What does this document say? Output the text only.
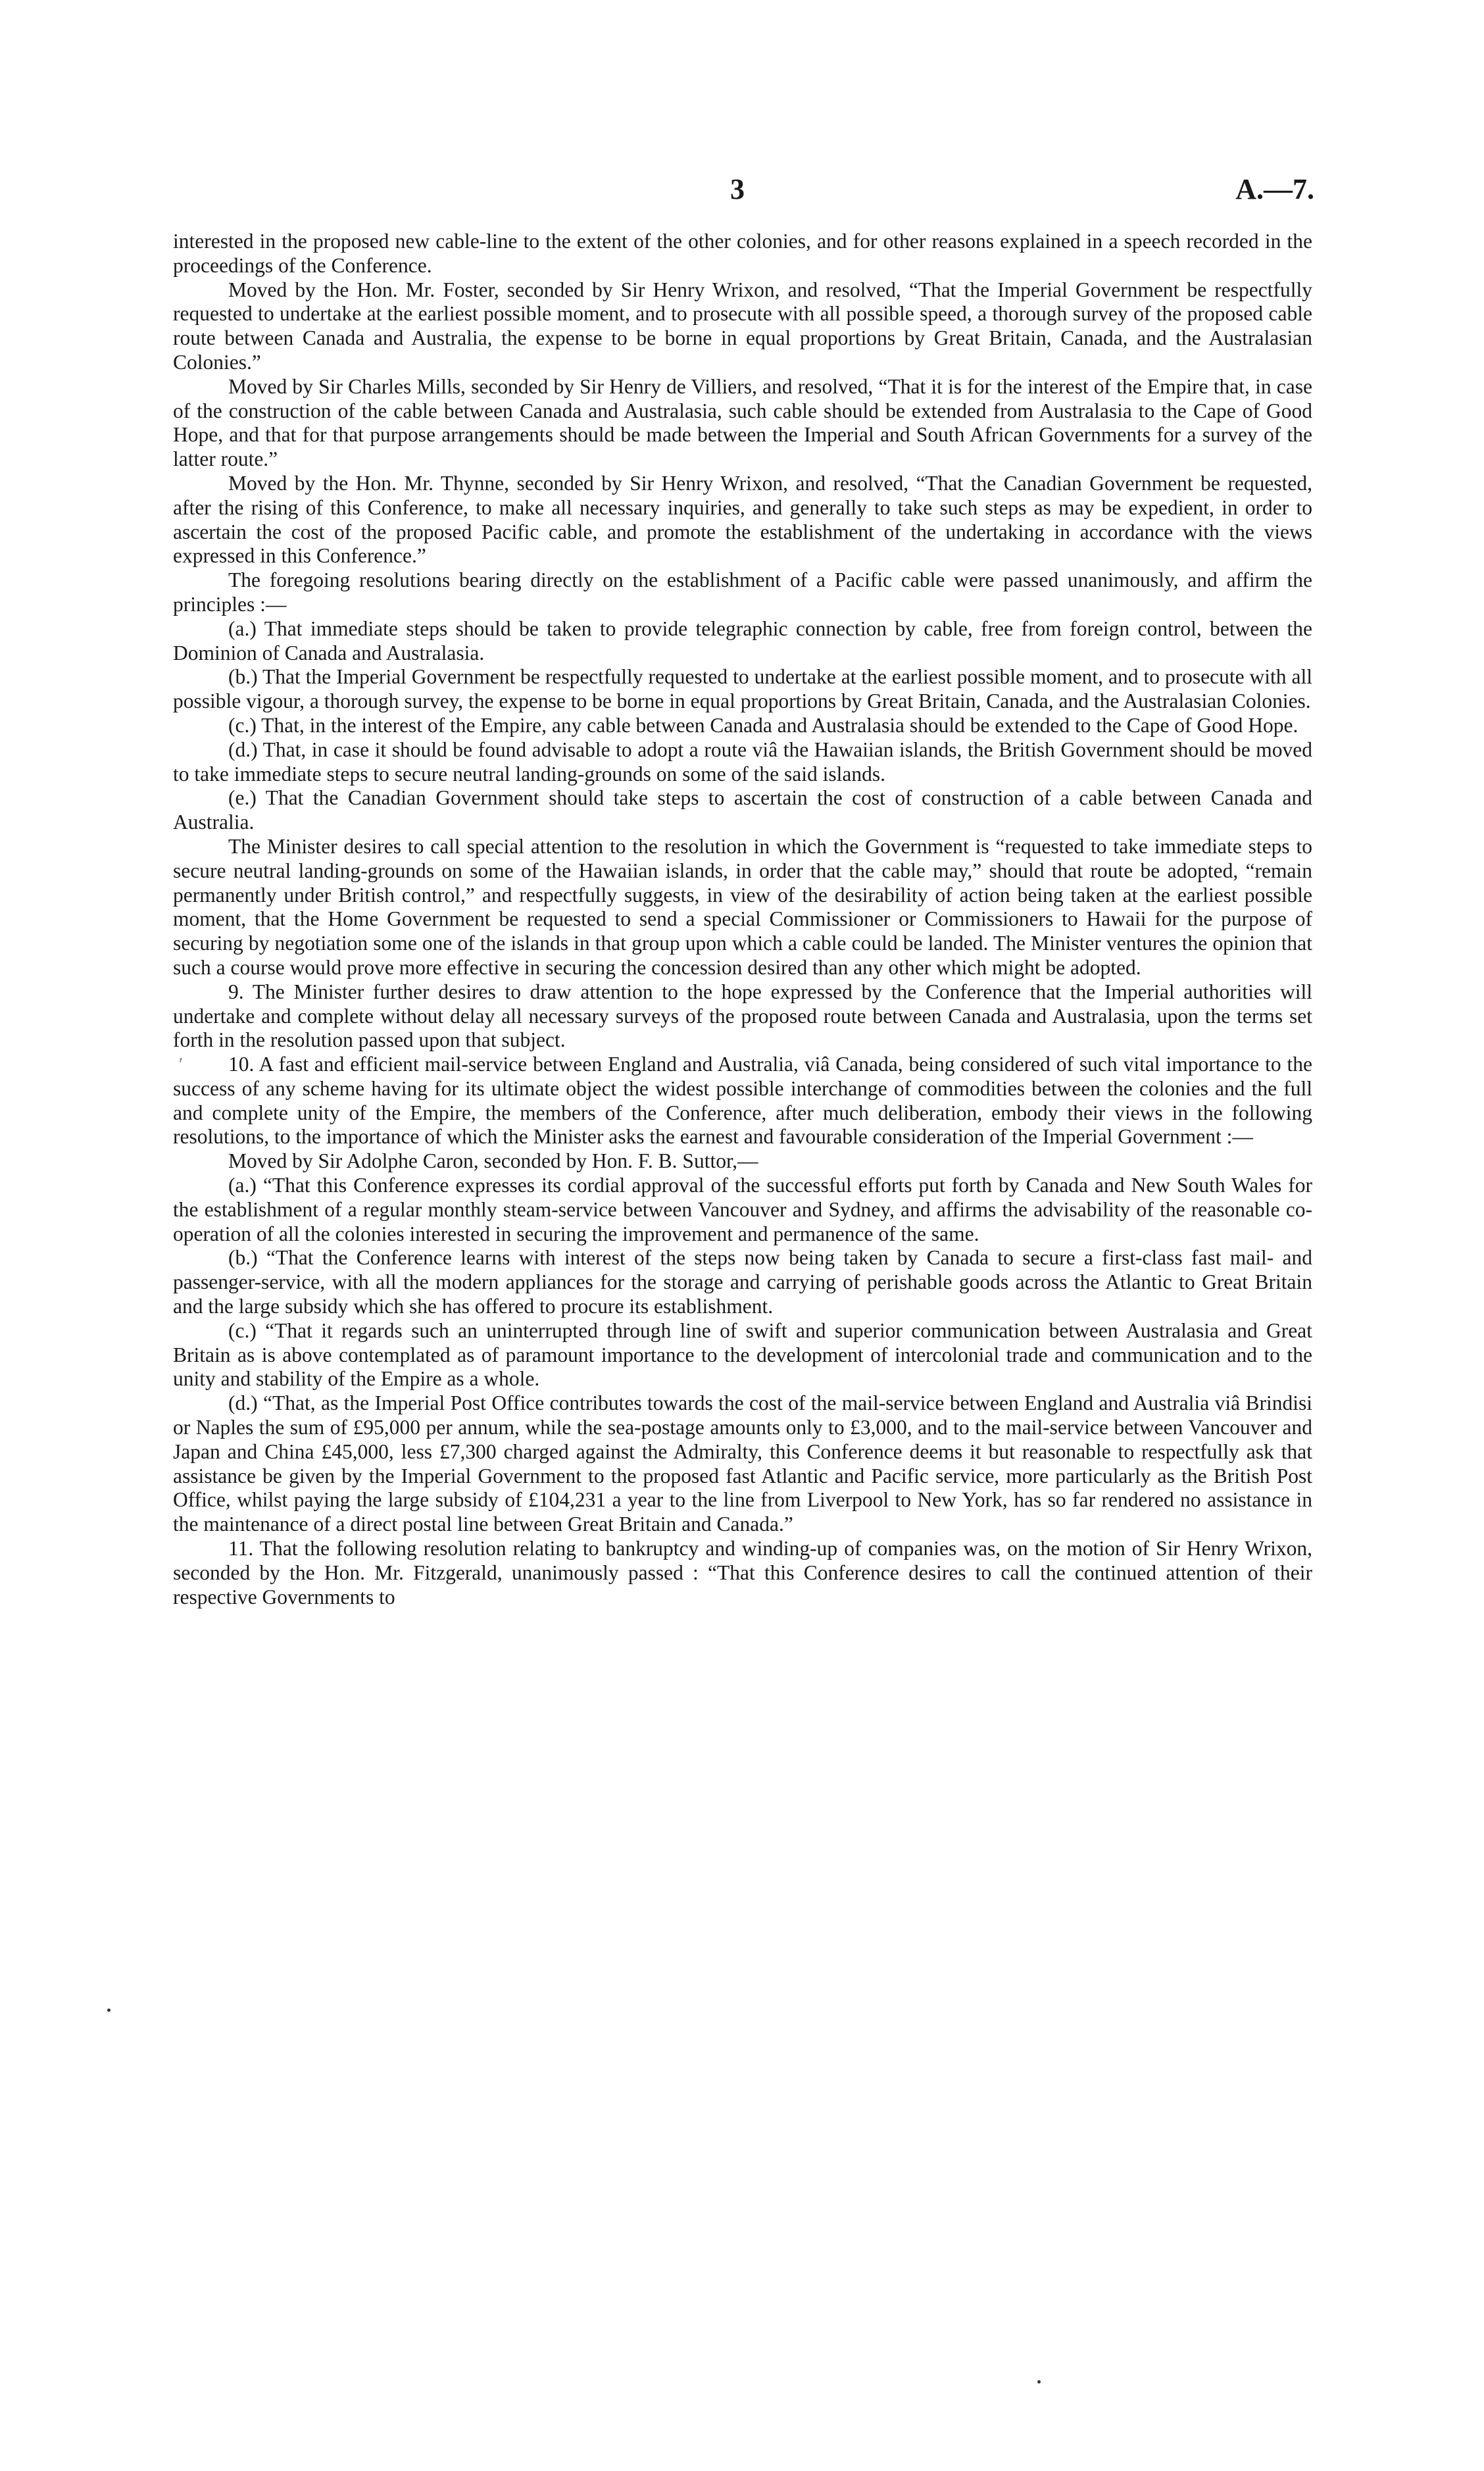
3	A.—7.

interested in the proposed new cable-line to the extent of the other colonies, and for other reasons explained in a speech recorded in the proceedings of the Conference.

Moved by the Hon. Mr. Foster, seconded by Sir Henry Wrixon, and resolved, “That the Imperial Government be respectfully requested to undertake at the earliest possible moment, and to prosecute with all possible speed, a thorough survey of the proposed cable route between Canada and Australia, the expense to be borne in equal proportions by Great Britain, Canada, and the Australasian Colonies.”

Moved by Sir Charles Mills, seconded by Sir Henry de Villiers, and resolved, “That it is for the interest of the Empire that, in case of the construction of the cable between Canada and Australasia, such cable should be extended from Australasia to the Cape of Good Hope, and that for that purpose arrangements should be made between the Imperial and South African Governments for a survey of the latter route.”

Moved by the Hon. Mr. Thynne, seconded by Sir Henry Wrixon, and resolved, “That the Canadian Government be requested, after the rising of this Conference, to make all necessary inquiries, and generally to take such steps as may be expedient, in order to ascertain the cost of the proposed Pacific cable, and promote the establishment of the undertaking in accordance with the views expressed in this Conference.”

The foregoing resolutions bearing directly on the establishment of a Pacific cable were passed unanimously, and affirm the principles :—

(a.) That immediate steps should be taken to provide telegraphic connection by cable, free from foreign control, between the Dominion of Canada and Australasia.

(b.) That the Imperial Government be respectfully requested to undertake at the earliest possible moment, and to prosecute with all possible vigour, a thorough survey, the expense to be borne in equal proportions by Great Britain, Canada, and the Australasian Colonies.

(c.) That, in the interest of the Empire, any cable between Canada and Australasia should be extended to the Cape of Good Hope.

(d.) That, in case it should be found advisable to adopt a route viâ the Hawaiian islands, the British Government should be moved to take immediate steps to secure neutral landing-grounds on some of the said islands.

(e.) That the Canadian Government should take steps to ascertain the cost of construction of a cable between Canada and Australia.

The Minister desires to call special attention to the resolution in which the Government is “requested to take immediate steps to secure neutral landing-grounds on some of the Hawaiian islands, in order that the cable may,” should that route be adopted, “remain permanently under British control,” and respectfully suggests, in view of the desirability of action being taken at the earliest possible moment, that the Home Government be requested to send a special Commissioner or Commissioners to Hawaii for the purpose of securing by negotiation some one of the islands in that group upon which a cable could be landed. The Minister ventures the opinion that such a course would prove more effective in securing the concession desired than any other which might be adopted.

9. The Minister further desires to draw attention to the hope expressed by the Conference that the Imperial authorities will undertake and complete without delay all necessary surveys of the proposed route between Canada and Australasia, upon the terms set forth in the resolution passed upon that subject.

10. A fast and efficient mail-service between England and Australia, viâ Canada, being considered of such vital importance to the success of any scheme having for its ultimate object the widest possible interchange of commodities between the colonies and the full and complete unity of the Empire, the members of the Conference, after much deliberation, embody their views in the following resolutions, to the importance of which the Minister asks the earnest and favourable consideration of the Imperial Government :—

Moved by Sir Adolphe Caron, seconded by Hon. F. B. Suttor,—

(a.) “That this Conference expresses its cordial approval of the successful efforts put forth by Canada and New South Wales for the establishment of a regular monthly steam-service between Vancouver and Sydney, and affirms the advisability of the reasonable co-operation of all the colonies interested in securing the improvement and permanence of the same.

(b.) “That the Conference learns with interest of the steps now being taken by Canada to secure a first-class fast mail- and passenger-service, with all the modern appliances for the storage and carrying of perishable goods across the Atlantic to Great Britain and the large subsidy which she has offered to procure its establishment.

(c.) “That it regards such an uninterrupted through line of swift and superior communication between Australasia and Great Britain as is above contemplated as of paramount importance to the development of intercolonial trade and communication and to the unity and stability of the Empire as a whole.

(d.) “That, as the Imperial Post Office contributes towards the cost of the mail-service between England and Australia viâ Brindisi or Naples the sum of £95,000 per annum, while the sea-postage amounts only to £3,000, and to the mail-service between Vancouver and Japan and China £45,000, less £7,300 charged against the Admiralty, this Conference deems it but reasonable to respectfully ask that assistance be given by the Imperial Government to the proposed fast Atlantic and Pacific service, more particularly as the British Post Office, whilst paying the large subsidy of £104,231 a year to the line from Liverpool to New York, has so far rendered no assistance in the maintenance of a direct postal line between Great Britain and Canada.”

11. That the following resolution relating to bankruptcy and winding-up of companies was, on the motion of Sir Henry Wrixon, seconded by the Hon. Mr. Fitzgerald, unanimously passed : “That this Conference desires to call the continued attention of their respective Governments to

ʹ
